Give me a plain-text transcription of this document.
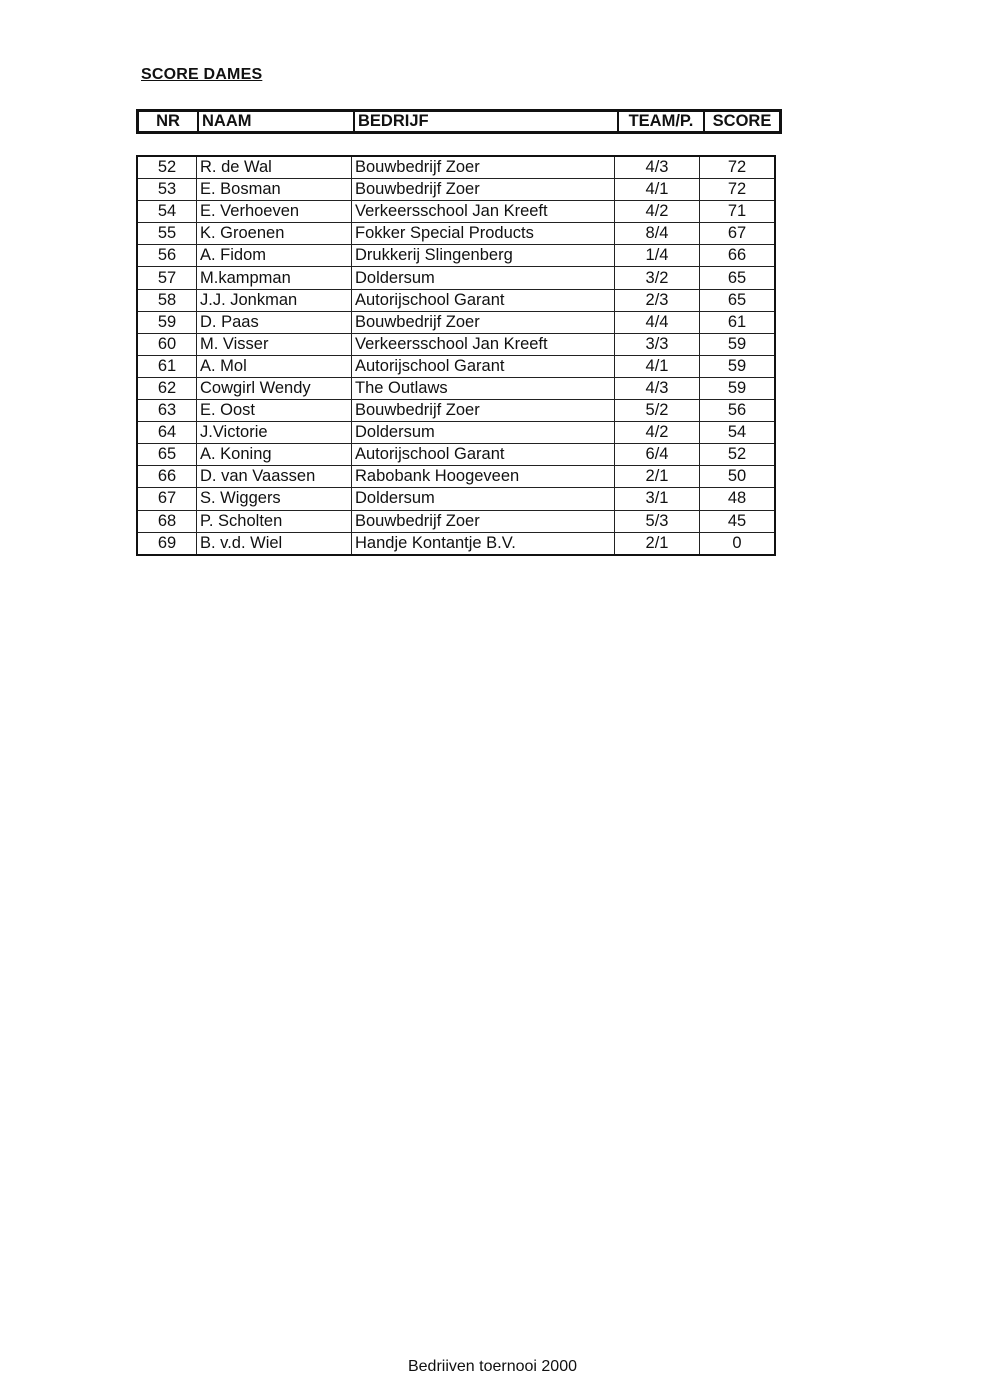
SCORE DAMES
NR	NAAM	BEDRIJF	TEAM/P.	SCORE
52	R. de Wal	Bouwbedrijf Zoer	4/3	72
53	E. Bosman	Bouwbedrijf Zoer	4/1	72
54	E. Verhoeven	Verkeersschool Jan Kreeft	4/2	71
55	K. Groenen	Fokker Special Products	8/4	67
56	A. Fidom	Drukkerij Slingenberg	1/4	66
57	M.kampman	Doldersum	3/2	65
58	J.J. Jonkman	Autorijschool Garant	2/3	65
59	D. Paas	Bouwbedrijf Zoer	4/4	61
60	M. Visser	Verkeersschool Jan Kreeft	3/3	59
61	A. Mol	Autorijschool Garant	4/1	59
62	Cowgirl Wendy	The Outlaws	4/3	59
63	E. Oost	Bouwbedrijf Zoer	5/2	56
64	J.Victorie	Doldersum	4/2	54
65	A. Koning	Autorijschool Garant	6/4	52
66	D. van Vaassen	Rabobank Hoogeveen	2/1	50
67	S. Wiggers	Doldersum	3/1	48
68	P. Scholten	Bouwbedrijf Zoer	5/3	45
69	B. v.d. Wiel	Handje Kontantje B.V.	2/1	0
Bedriiven toernooi 2000
